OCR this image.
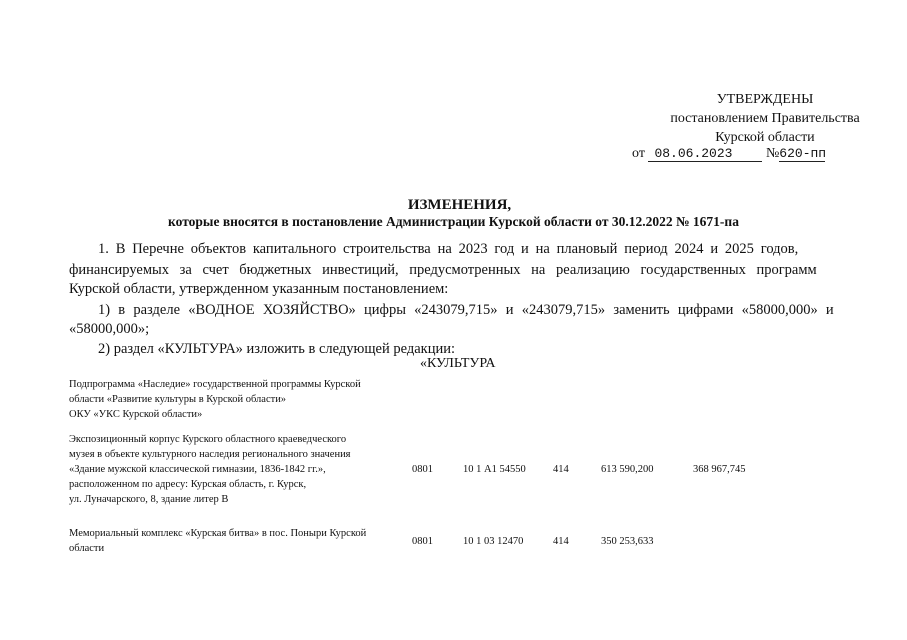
УТВЕРЖДЕНЫ
постановлением Правительства
Курской области
от 08.06.2023 №620-пп
ИЗМЕНЕНИЯ,
которые вносятся в постановление Администрации Курской области от 30.12.2022 № 1671-па
1. В Перечне объектов капитального строительства на 2023 год и на плановый период 2024 и 2025 годов,
финансируемых за счет бюджетных инвестиций, предусмотренных на реализацию государственных программ
Курской области, утвержденном указанным постановлением:
1) в разделе «ВОДНОЕ ХОЗЯЙСТВО» цифры «243079,715» и «243079,715» заменить цифрами «58000,000» и
«58000,000»;
2) раздел «КУЛЬТУРА» изложить в следующей редакции:
«КУЛЬТУРА
Подпрограмма «Наследие» государственной программы Курской
области «Развитие культуры в Курской области»
ОКУ «УКС Курской области»
Экспозиционный корпус Курского областного краеведческого
музея в объекте культурного наследия регионального значения
«Здание мужской классической гимназии, 1836-1842 гг.»,
расположенном по адресу: Курская область, г. Курск,
ул. Луначарского, 8, здание литер В
0801	10 1 А1 54550	414	613 590,200	368 967,745
Мемориальный комплекс «Курская битва» в пос. Поныри Курской
области
0801	10 1 03 12470	414	350 253,633
